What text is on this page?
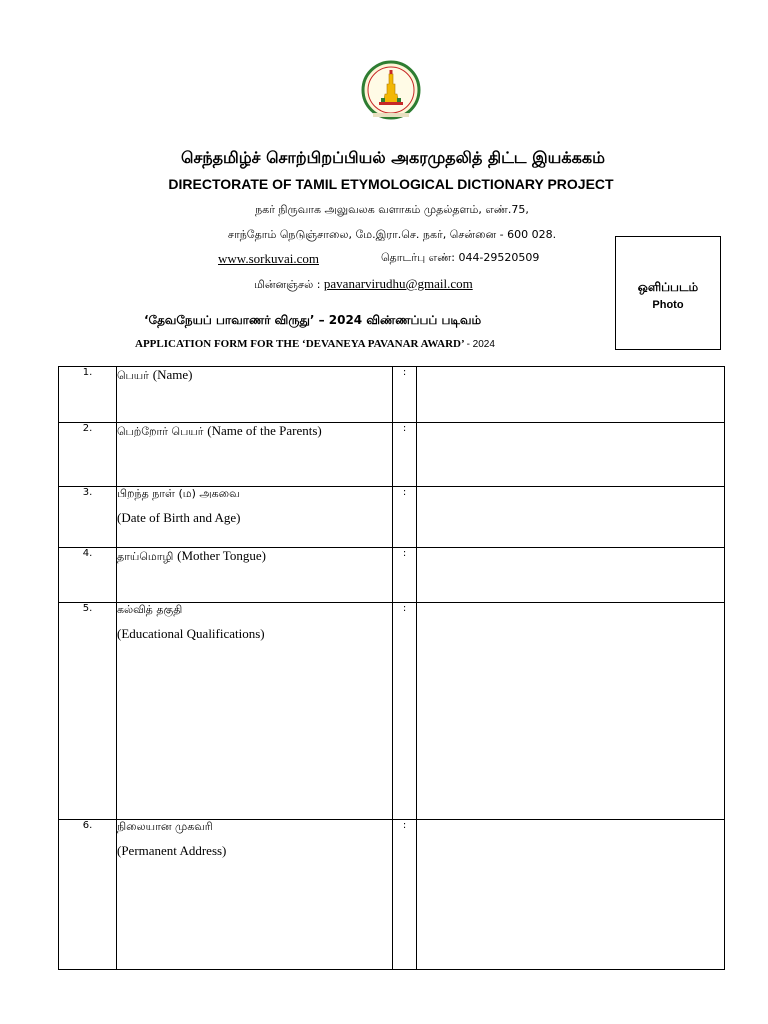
செந்தமிழ்ச் சொற்பிறப்பியல் அகரமுதலித் திட்ட இயக்ககம்
DIRECTORATE OF TAMIL ETYMOLOGICAL DICTIONARY PROJECT
நகர் நிருவாக அலுவலக வளாகம் முதல்தளம், எண்.75,
சாந்தோம் நெடுஞ்சாலை, மே.இரா.செ. நகர், சென்னை - 600 028.
www.sorkuvai.com	தொடர்பு எண்: 044-29520509
மின்னஞ்சல் : pavanarvirudhu@gmail.com	ஒளிப்படம்
Photo
‘தேவநேயப் பாவாணர் விருது’ – 2024 விண்ணப்பப் படிவம்
APPLICATION FORM FOR THE ‘DEVANEYA PAVANAR AWARD’ - 2024
1.	பெயர் (Name)	:	
2.	பெற்றோர் பெயர் (Name of the Parents)	:	
3.	பிறந்த நாள் (ம) அகவை
(Date of Birth and Age)	:	
4.	தாய்மொழி (Mother Tongue)	:	
5.	கல்வித் தகுதி
(Educational Qualifications)	:	
6.	நிலையான முகவரி
(Permanent Address)	:	
